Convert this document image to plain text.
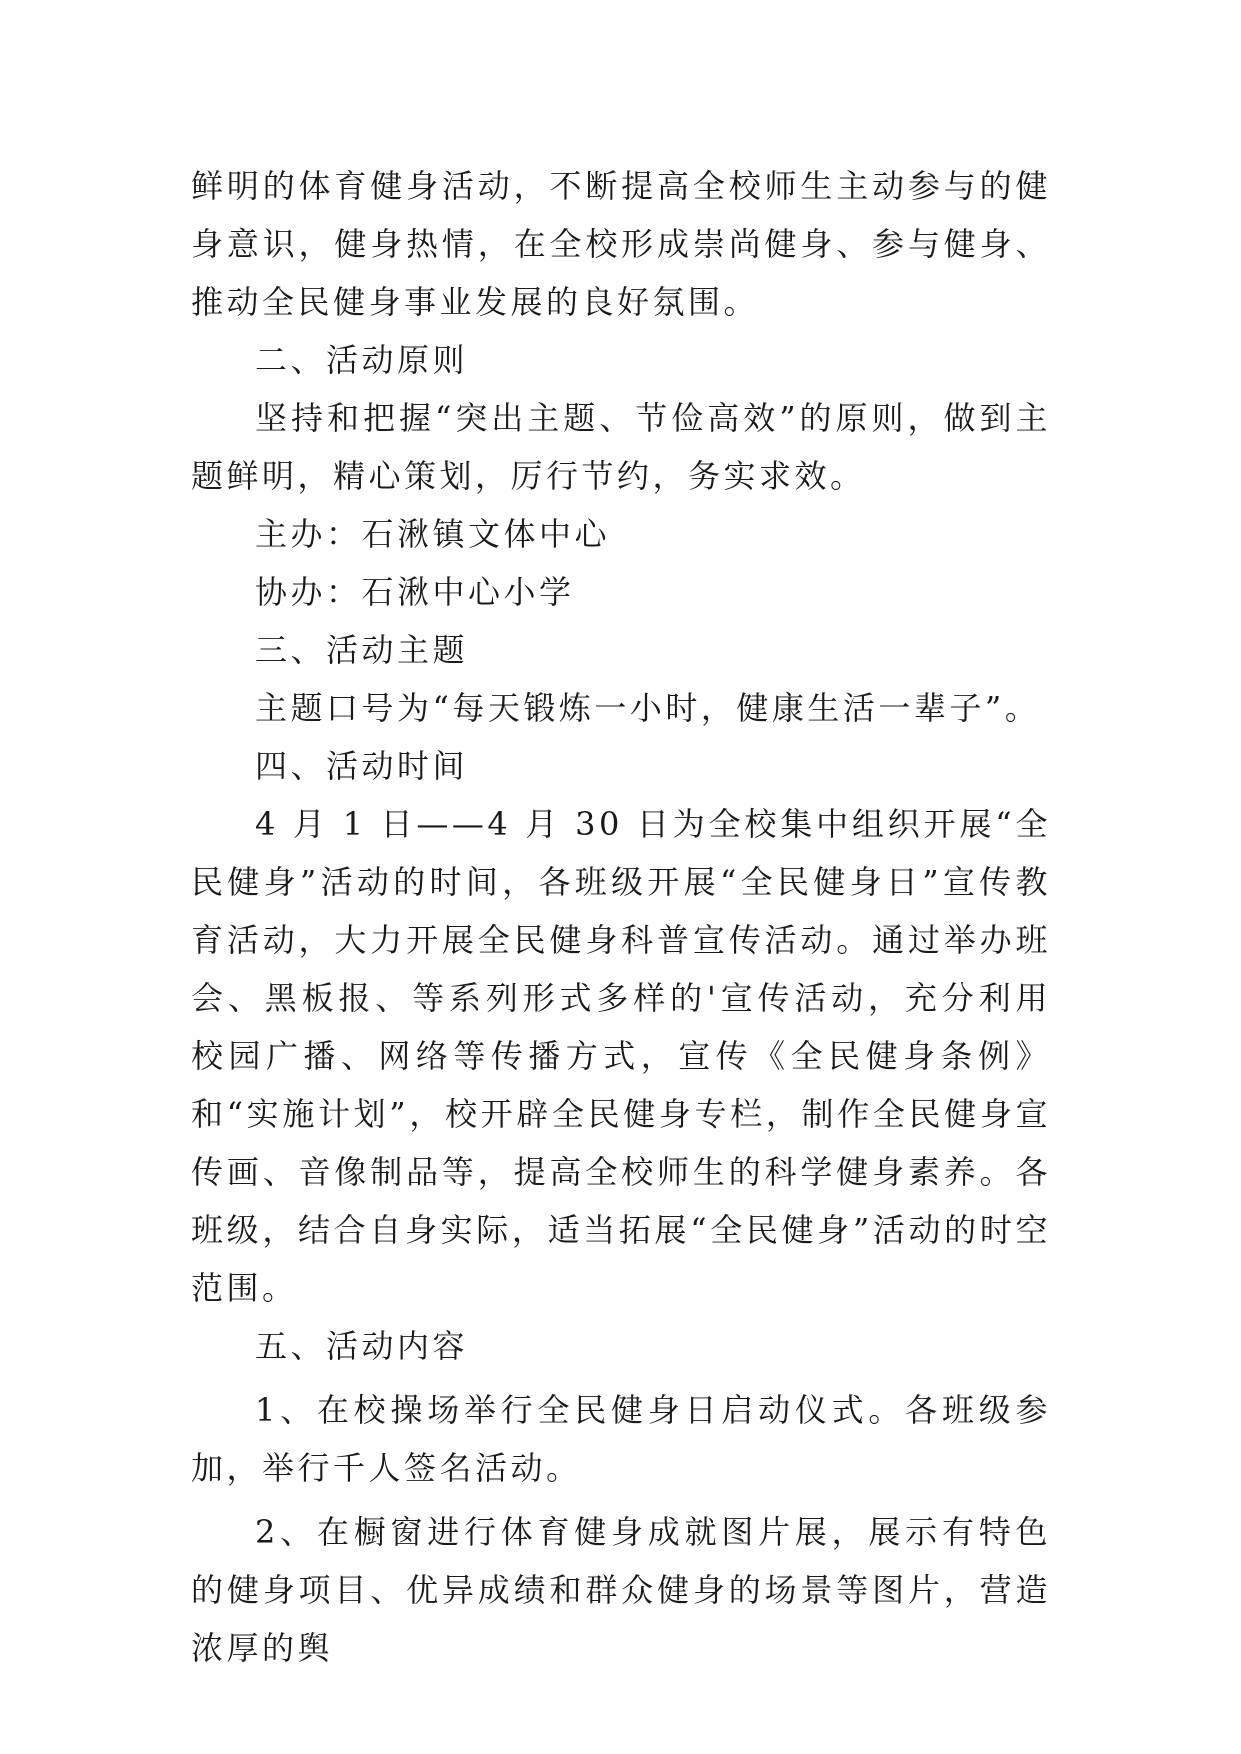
鲜明的体育健身活动，不断提高全校师生主动参与的健身意识，健身热情，在全校形成崇尚健身、参与健身、推动全民健身事业发展的良好氛围。

二、活动原则

坚持和把握“突出主题、节俭高效”的原则，做到主题鲜明，精心策划，厉行节约，务实求效。

主办：石湫镇文体中心

协办：石湫中心小学

三、活动主题

主题口号为“每天锻炼一小时，健康生活一辈子”。

四、活动时间

4 月 1 日——4 月 30 日为全校集中组织开展“全民健身”活动的时间，各班级开展“全民健身日”宣传教育活动，大力开展全民健身科普宣传活动。通过举办班会、黑板报、等系列形式多样的'宣传活动，充分利用校园广播、网络等传播方式，宣传《全民健身条例》和“实施计划”，校开辟全民健身专栏，制作全民健身宣传画、音像制品等，提高全校师生的科学健身素养。各班级，结合自身实际，适当拓展“全民健身”活动的时空范围。

五、活动内容

1、在校操场举行全民健身日启动仪式。各班级参加，举行千人签名活动。

2、在橱窗进行体育健身成就图片展，展示有特色的健身项目、优异成绩和群众健身的场景等图片，营造浓厚的舆
